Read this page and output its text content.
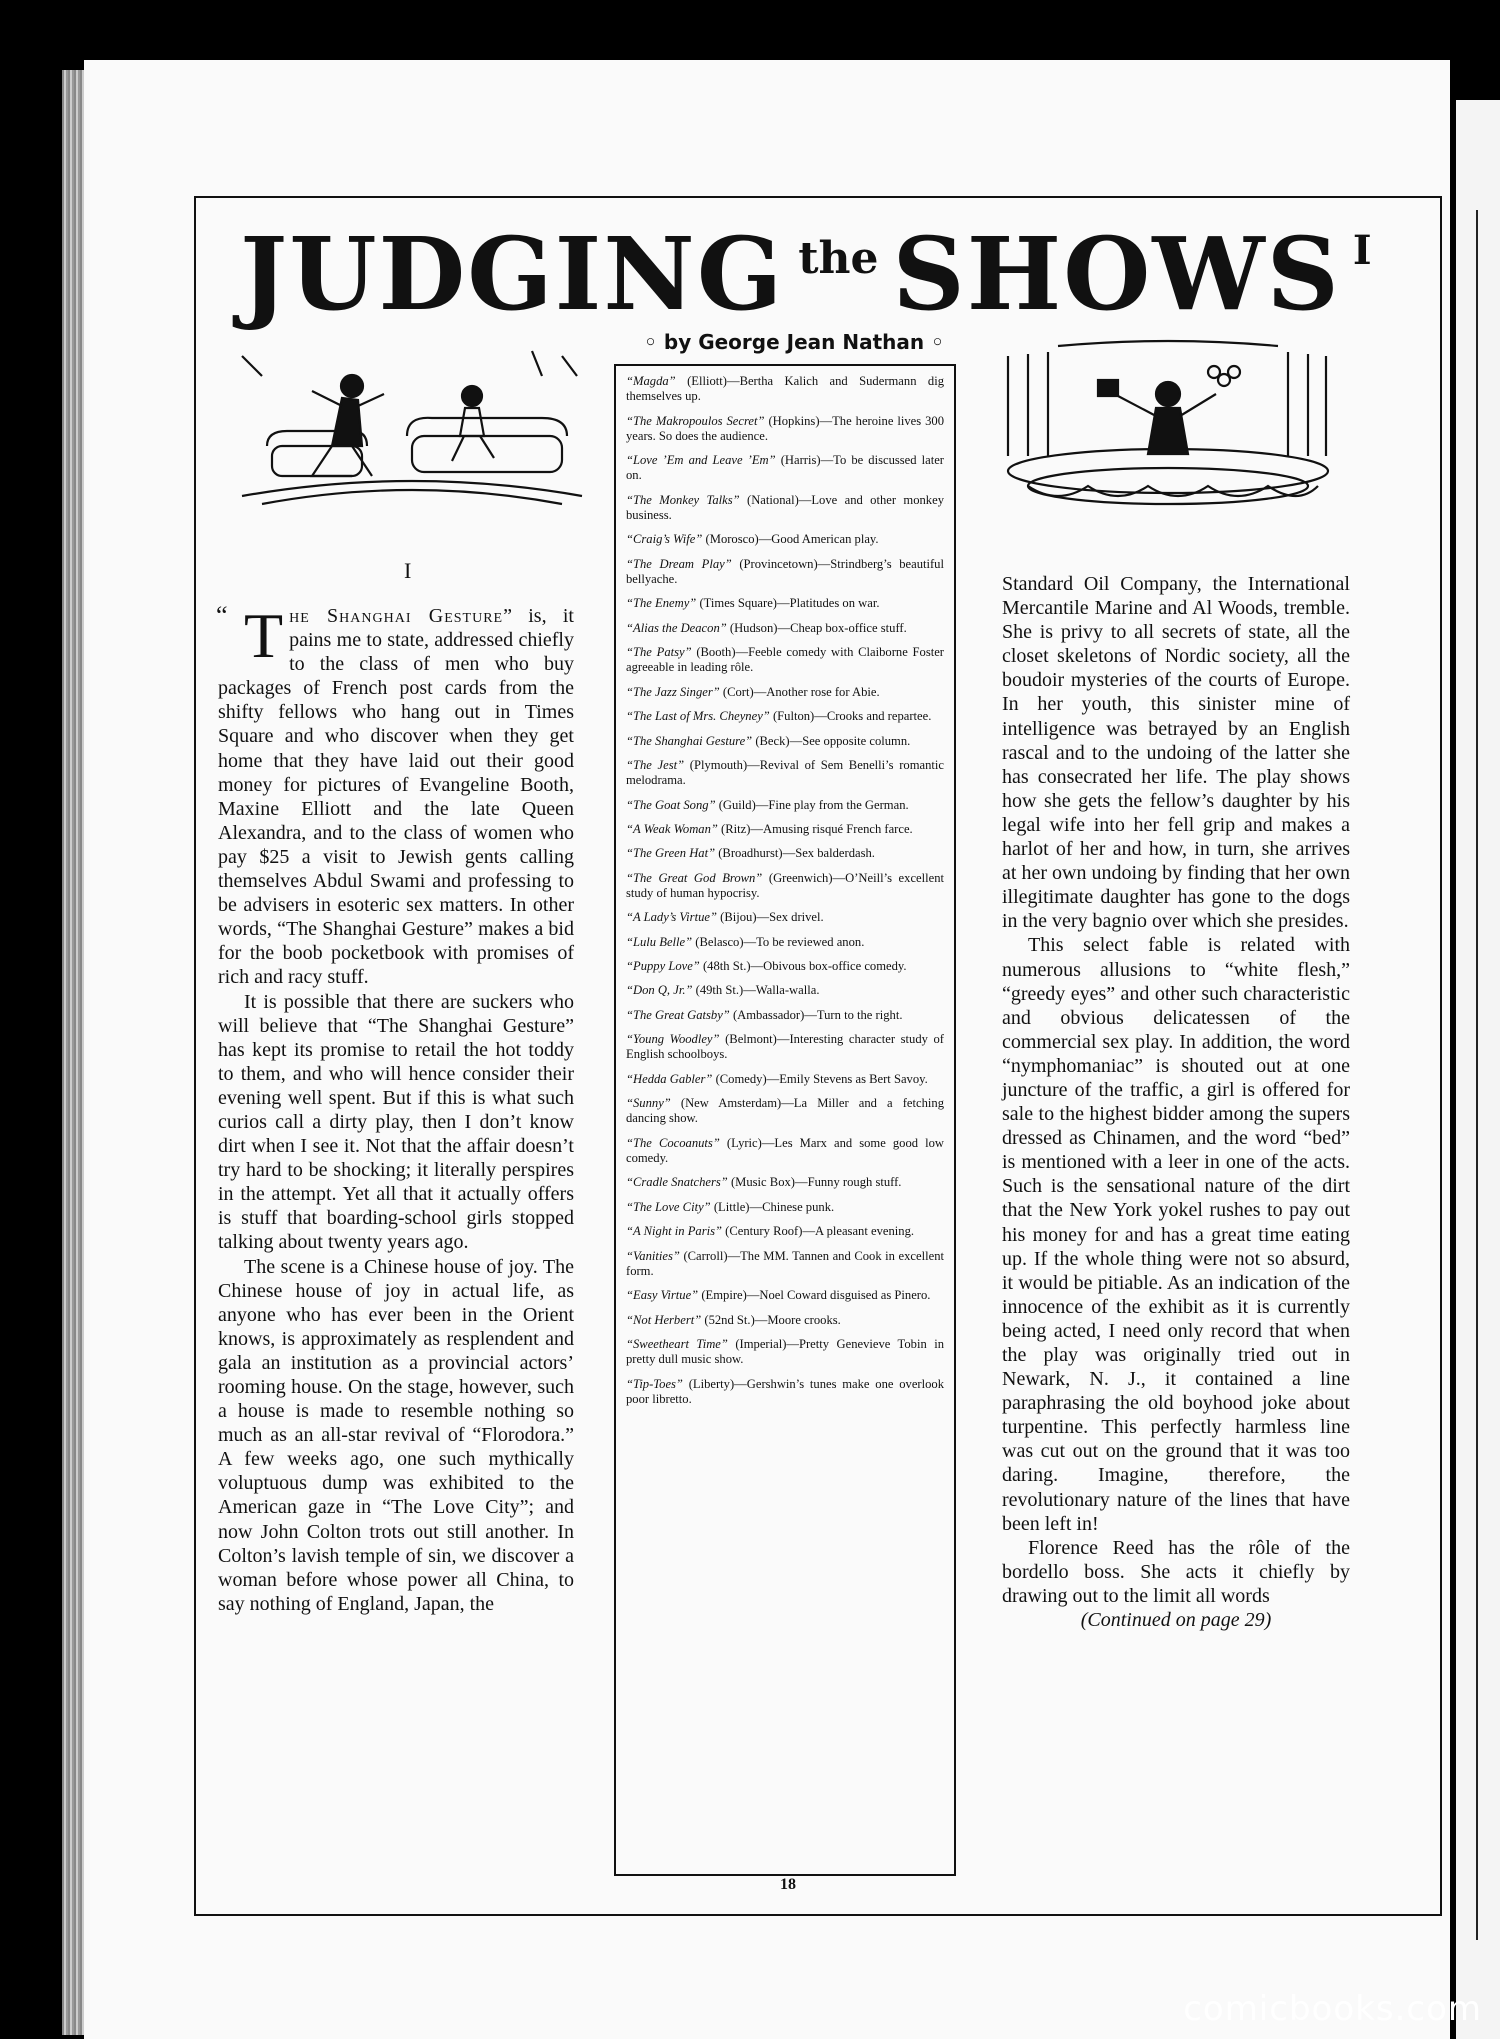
JUDGING the SHOWS I
◦ by George Jean Nathan ◦
I
“Magda” (Elliott)—Bertha Kalich and Sudermann dig themselves up.
“The Makropoulos Secret” (Hopkins)—The heroine lives 300 years. So does the audience.
“Love ’Em and Leave ’Em” (Harris)—To be discussed later on.
“The Monkey Talks” (National)—Love and other monkey business.
“Craig’s Wife” (Morosco)—Good American play.
“The Dream Play” (Provincetown)—Strindberg’s beautiful bellyache.
“The Enemy” (Times Square)—Platitudes on war.
“Alias the Deacon” (Hudson)—Cheap box-office stuff.
“The Patsy” (Booth)—Feeble comedy with Claiborne Foster agreeable in leading rôle.
“The Jazz Singer” (Cort)—Another rose for Abie.
“The Last of Mrs. Cheyney” (Fulton)—Crooks and repartee.
“The Shanghai Gesture” (Beck)—See opposite column.
“The Jest” (Plymouth)—Revival of Sem Benelli’s romantic melodrama.
“The Goat Song” (Guild)—Fine play from the German.
“A Weak Woman” (Ritz)—Amusing risqué French farce.
“The Green Hat” (Broadhurst)—Sex balderdash.
“The Great God Brown” (Greenwich)—O’Neill’s excellent study of human hypocrisy.
“A Lady’s Virtue” (Bijou)—Sex drivel.
“Lulu Belle” (Belasco)—To be reviewed anon.
“Puppy Love” (48th St.)—Obivous box-office comedy.
“Don Q, Jr.” (49th St.)—Walla-walla.
“The Great Gatsby” (Ambassador)—Turn to the right.
“Young Woodley” (Belmont)—Interesting character study of English schoolboys.
“Hedda Gabler” (Comedy)—Emily Stevens as Bert Savoy.
“Sunny” (New Amsterdam)—La Miller and a fetching dancing show.
“The Cocoanuts” (Lyric)—Les Marx and some good low comedy.
“Cradle Snatchers” (Music Box)—Funny rough stuff.
“The Love City” (Little)—Chinese punk.
“A Night in Paris” (Century Roof)—A pleasant evening.
“Vanities” (Carroll)—The MM. Tannen and Cook in excellent form.
“Easy Virtue” (Empire)—Noel Coward disguised as Pinero.
“Not Herbert” (52nd St.)—Moore crooks.
“Sweetheart Time” (Imperial)—Pretty Genevieve Tobin in pretty dull music show.
“Tip-Toes” (Liberty)—Gershwin’s tunes make one overlook poor libretto.
“ T he Shanghai Gesture” is, it pains me to state, addressed chiefly to the class of men who buy packages of French post cards from the shifty fellows who hang out in Times Square and who discover when they get home that they have laid out their good money for pictures of Evangeline Booth, Maxine Elliott and the late Queen Alexandra, and to the class of women who pay $25 a visit to Jewish gents calling themselves Abdul Swami and professing to be advisers in esoteric sex matters. In other words, “The Shanghai Gesture” makes a bid for the boob pocketbook with promises of rich and racy stuff.

It is possible that there are suckers who will believe that “The Shanghai Gesture” has kept its promise to retail the hot toddy to them, and who will hence consider their evening well spent. But if this is what such curios call a dirty play, then I don’t know dirt when I see it. Not that the affair doesn’t try hard to be shocking; it literally perspires in the attempt. Yet all that it actually offers is stuff that boarding-school girls stopped talking about twenty years ago.

The scene is a Chinese house of joy. The Chinese house of joy in actual life, as anyone who has ever been in the Orient knows, is approximately as resplendent and gala an institution as a provincial actors’ rooming house. On the stage, however, such a house is made to resemble nothing so much as an all-star revival of “Florodora.” A few weeks ago, one such mythically voluptuous dump was exhibited to the American gaze in “The Love City”; and now John Colton trots out still another. In Colton’s lavish temple of sin, we discover a woman before whose power all China, to say nothing of England, Japan, the

Standard Oil Company, the International Mercantile Marine and Al Woods, tremble. She is privy to all secrets of state, all the closet skeletons of Nordic society, all the boudoir mysteries of the courts of Europe. In her youth, this sinister mine of intelligence was betrayed by an English rascal and to the undoing of the latter she has consecrated her life. The play shows how she gets the fellow’s daughter by his legal wife into her fell grip and makes a harlot of her and how, in turn, she arrives at her own undoing by finding that her own illegitimate daughter has gone to the dogs in the very bagnio over which she presides.

This select fable is related with numerous allusions to “white flesh,” “greedy eyes” and other such characteristic and obvious delicatessen of the commercial sex play. In addition, the word “nymphomaniac” is shouted out at one juncture of the traffic, a girl is offered for sale to the highest bidder among the supers dressed as Chinamen, and the word “bed” is mentioned with a leer in one of the acts. Such is the sensational nature of the dirt that the New York yokel rushes to pay out his money for and has a great time eating up. If the whole thing were not so absurd, it would be pitiable. As an indication of the innocence of the exhibit as it is currently being acted, I need only record that when the play was originally tried out in Newark, N. J., it contained a line paraphrasing the old boyhood joke about turpentine. This perfectly harmless line was cut out on the ground that it was too daring. Imagine, therefore, the revolutionary nature of the lines that have been left in!

Florence Reed has the rôle of the bordello boss. She acts it chiefly by drawing out to the limit all words

(Continued on page 29)

18
comicbooks.com
